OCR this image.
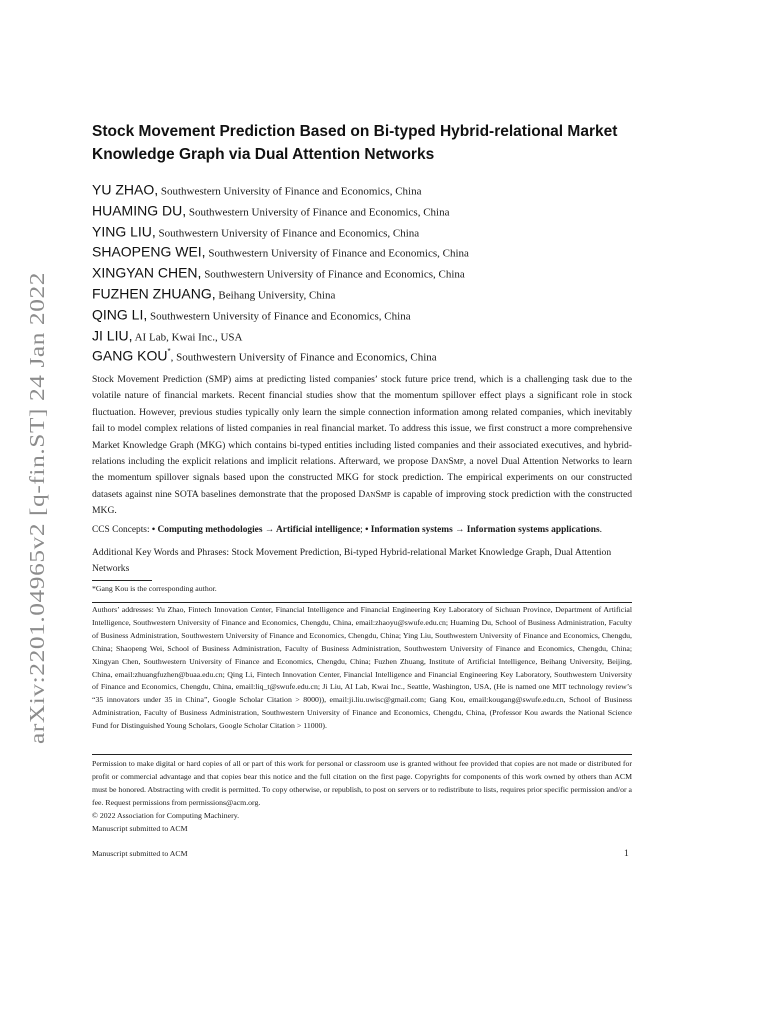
arXiv:2201.04965v2 [q-fin.ST] 24 Jan 2022
Stock Movement Prediction Based on Bi-typed Hybrid-relational Market Knowledge Graph via Dual Attention Networks
YU ZHAO, Southwestern University of Finance and Economics, China
HUAMING DU, Southwestern University of Finance and Economics, China
YING LIU, Southwestern University of Finance and Economics, China
SHAOPENG WEI, Southwestern University of Finance and Economics, China
XINGYAN CHEN, Southwestern University of Finance and Economics, China
FUZHEN ZHUANG, Beihang University, China
QING LI, Southwestern University of Finance and Economics, China
JI LIU, AI Lab, Kwai Inc., USA
GANG KOU*, Southwestern University of Finance and Economics, China

Stock Movement Prediction (SMP) aims at predicting listed companies’ stock future price trend, which is a challenging task due to the volatile nature of financial markets. Recent financial studies show that the momentum spillover effect plays a significant role in stock fluctuation. However, previous studies typically only learn the simple connection information among related companies, which inevitably fail to model complex relations of listed companies in real financial market. To address this issue, we first construct a more comprehensive Market Knowledge Graph (MKG) which contains bi-typed entities including listed companies and their associated executives, and hybrid-relations including the explicit relations and implicit relations. Afterward, we propose DanSmp, a novel Dual Attention Networks to learn the momentum spillover signals based upon the constructed MKG for stock prediction. The empirical experiments on our constructed datasets against nine SOTA baselines demonstrate that the proposed DanSmp is capable of improving stock prediction with the constructed MKG.

CCS Concepts: • Computing methodologies → Artificial intelligence; • Information systems → Information systems applications.

Additional Key Words and Phrases: Stock Movement Prediction, Bi-typed Hybrid-relational Market Knowledge Graph, Dual Attention Networks

*Gang Kou is the corresponding author.

Authors’ addresses: Yu Zhao, Fintech Innovation Center, Financial Intelligence and Financial Engineering Key Laboratory of Sichuan Province, Department of Artificial Intelligence, Southwestern University of Finance and Economics, Chengdu, China, email:zhaoyu@swufe.edu.cn; Huaming Du, School of Business Administration, Faculty of Business Administration, Southwestern University of Finance and Economics, Chengdu, China; Ying Liu, Southwestern University of Finance and Economics, Chengdu, China; Shaopeng Wei, School of Business Administration, Faculty of Business Administration, Southwestern University of Finance and Economics, Chengdu, China; Xingyan Chen, Southwestern University of Finance and Economics, Chengdu, China; Fuzhen Zhuang, Institute of Artificial Intelligence, Beihang University, Beijing, China, email:zhuangfuzhen@buaa.edu.cn; Qing Li, Fintech Innovation Center, Financial Intelligence and Financial Engineering Key Laboratory, Southwestern University of Finance and Economics, Chengdu, China, email:liq_t@swufe.edu.cn; Ji Liu, AI Lab, Kwai Inc., Seattle, Washington, USA, (He is named one MIT technology review’s “35 innovators under 35 in China”, Google Scholar Citation > 8000)), email:ji.liu.uwisc@gmail.com; Gang Kou, email:kougang@swufe.edu.cn, School of Business Administration, Faculty of Business Administration, Southwestern University of Finance and Economics, Chengdu, China, (Professor Kou awards the National Science Fund for Distinguished Young Scholars, Google Scholar Citation > 11000).

Permission to make digital or hard copies of all or part of this work for personal or classroom use is granted without fee provided that copies are not made or distributed for profit or commercial advantage and that copies bear this notice and the full citation on the first page. Copyrights for components of this work owned by others than ACM must be honored. Abstracting with credit is permitted. To copy otherwise, or republish, to post on servers or to redistribute to lists, requires prior specific permission and/or a fee. Request permissions from permissions@acm.org.

© 2022 Association for Computing Machinery.

Manuscript submitted to ACM

Manuscript submitted to ACM	1
